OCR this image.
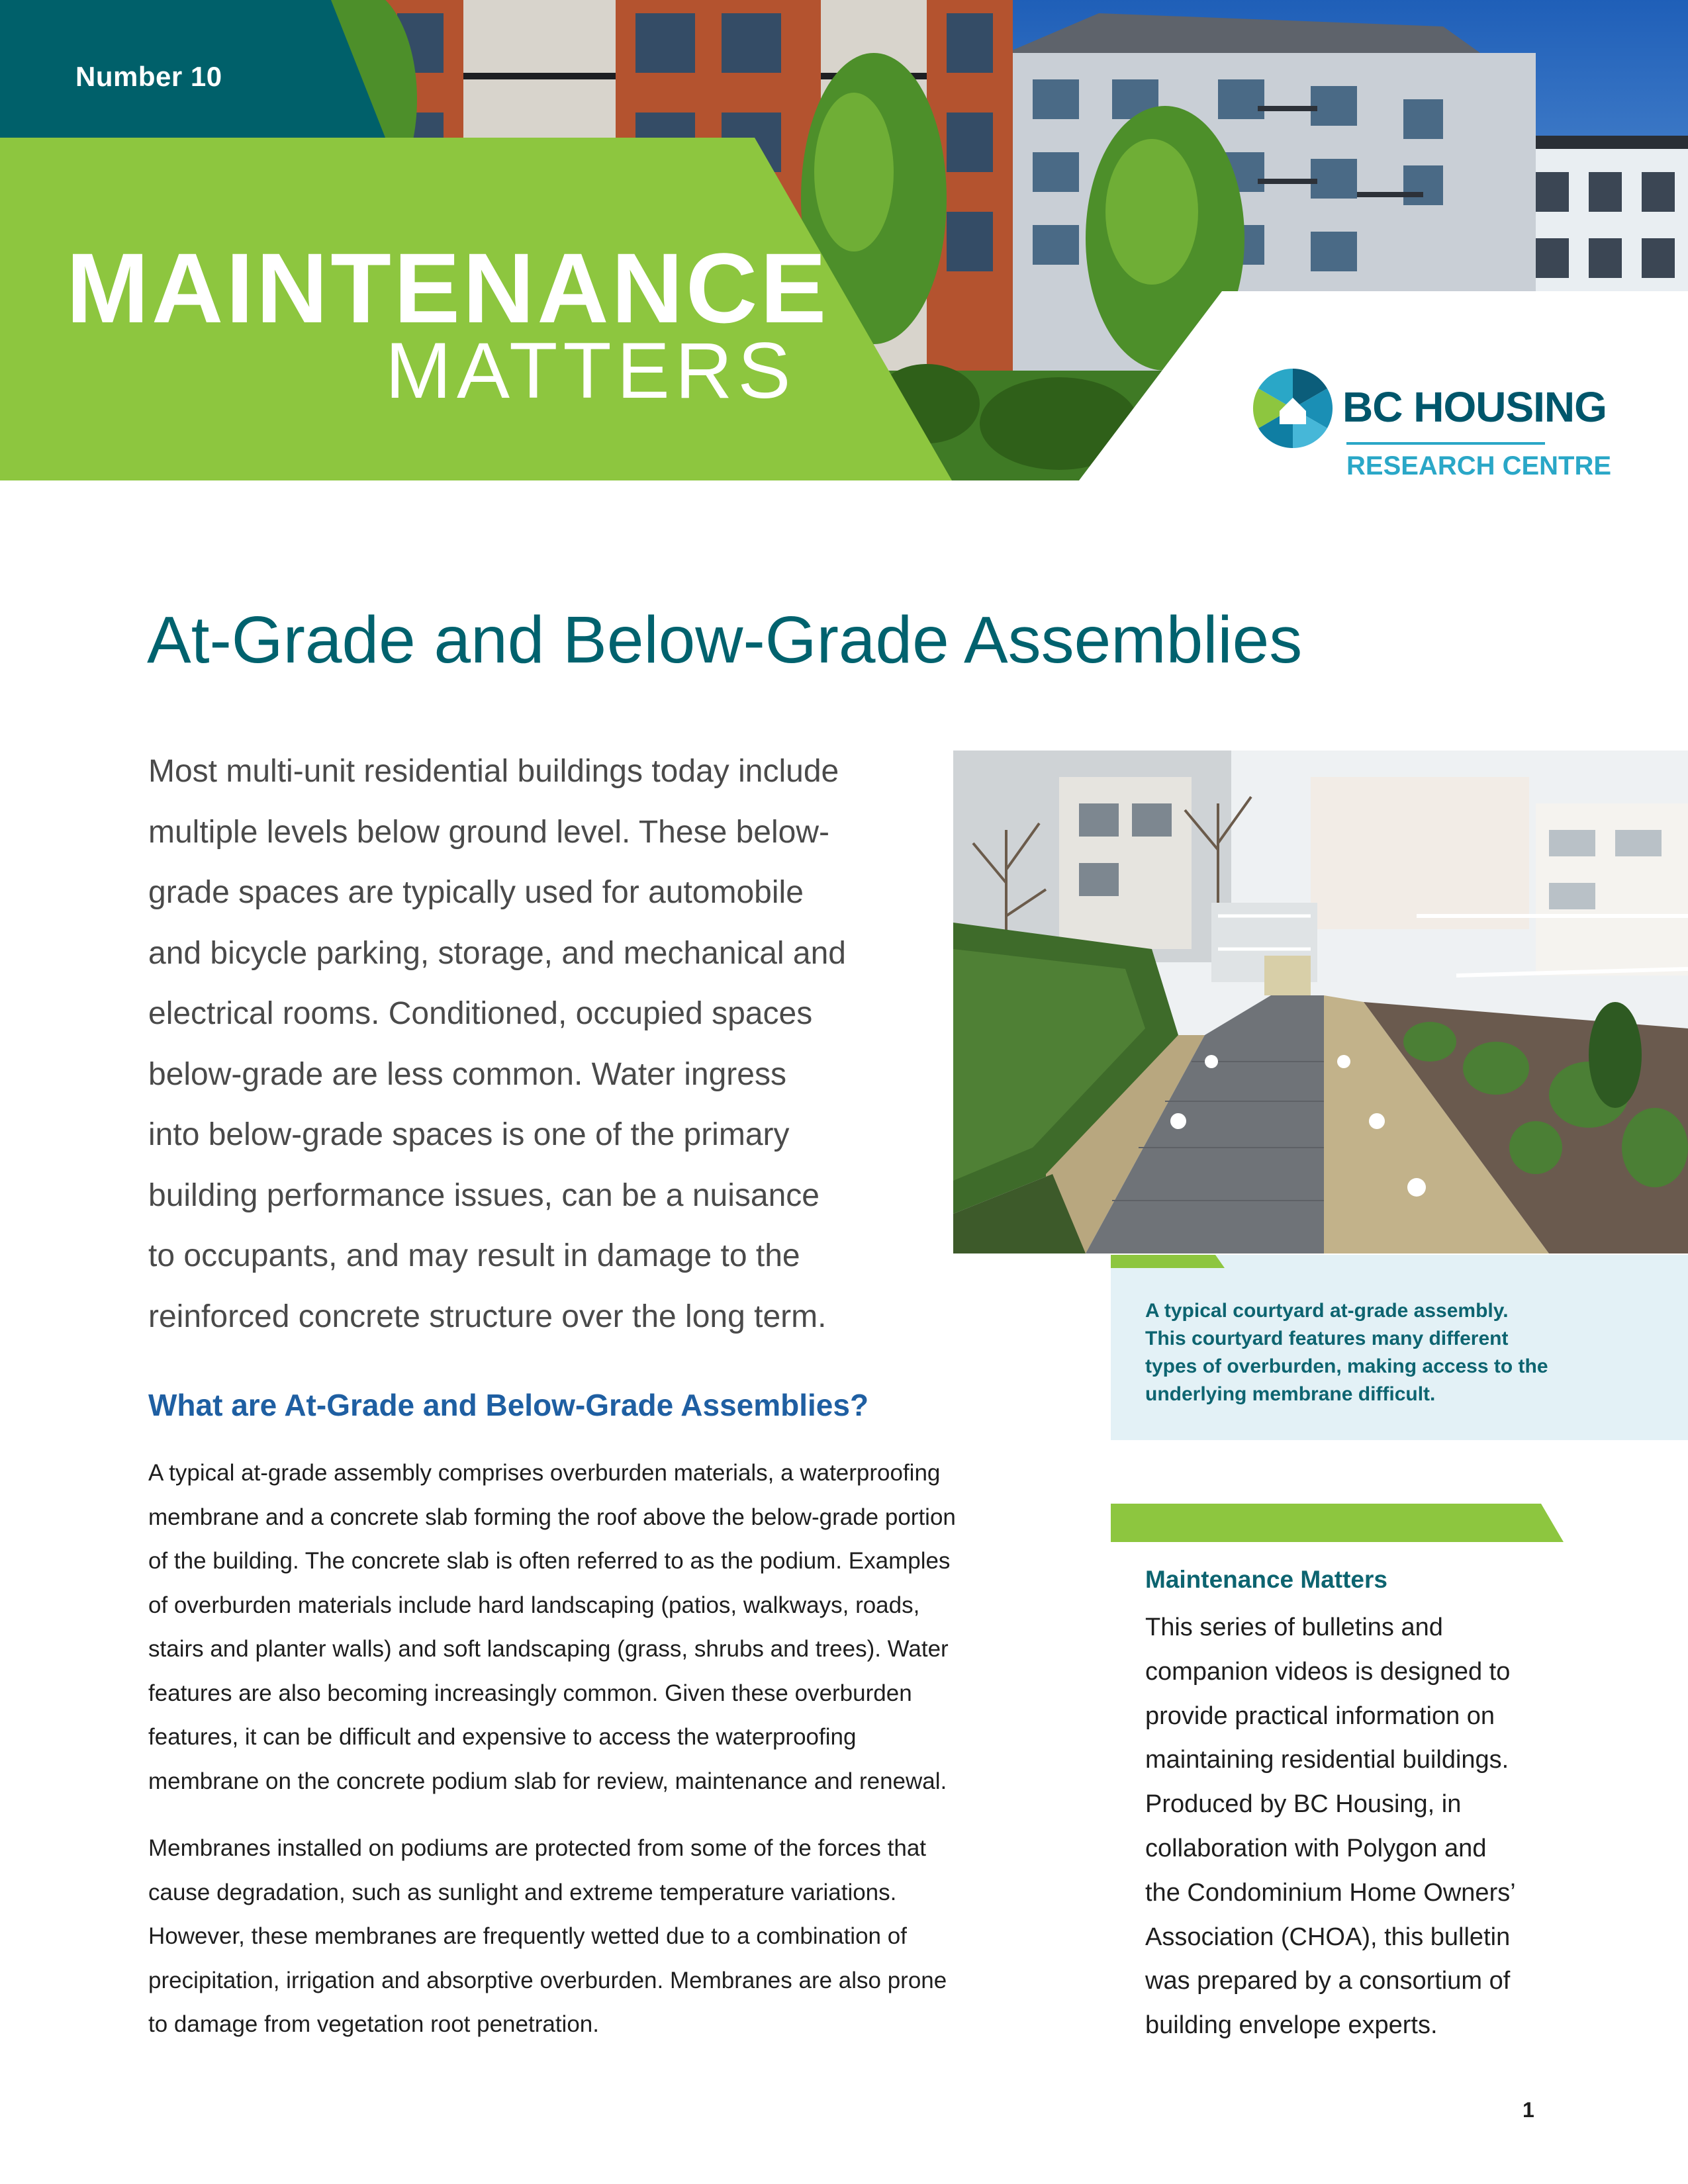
Number 10
MAINTENANCE
MATTERS	BC HOUSING
RESEARCH CENTRE
At-Grade and Below-Grade Assemblies

Most multi-unit residential buildings today include
multiple levels below ground level. These below-
grade spaces are typically used for automobile
and bicycle parking, storage, and mechanical and
electrical rooms. Conditioned, occupied spaces
below-grade are less common. Water ingress
into below-grade spaces is one of the primary
building performance issues, can be a nuisance
to occupants, and may result in damage to the
reinforced concrete structure over the long term.	A typical courtyard at-grade assembly.
This courtyard features many different
types of overburden, making access to the
underlying membrane difficult.

What are At-Grade and Below-Grade Assemblies?

A typical at-grade assembly comprises overburden materials, a waterproofing
membrane and a concrete slab forming the roof above the below-grade portion
of the building. The concrete slab is often referred to as the podium. Examples
of overburden materials include hard landscaping (patios, walkways, roads,
stairs and planter walls) and soft landscaping (grass, shrubs and trees). Water
features are also becoming increasingly common. Given these overburden
features, it can be difficult and expensive to access the waterproofing
membrane on the concrete podium slab for review, maintenance and renewal.

Membranes installed on podiums are protected from some of the forces that
cause degradation, such as sunlight and extreme temperature variations.
However, these membranes are frequently wetted due to a combination of
precipitation, irrigation and absorptive overburden. Membranes are also prone
to damage from vegetation root penetration.

Maintenance Matters

This series of bulletins and
companion videos is designed to
provide practical information on
maintaining residential buildings.
Produced by BC Housing, in
collaboration with Polygon and
the Condominium Home Owners’
Association (CHOA), this bulletin
was prepared by a consortium of
building envelope experts.

1
